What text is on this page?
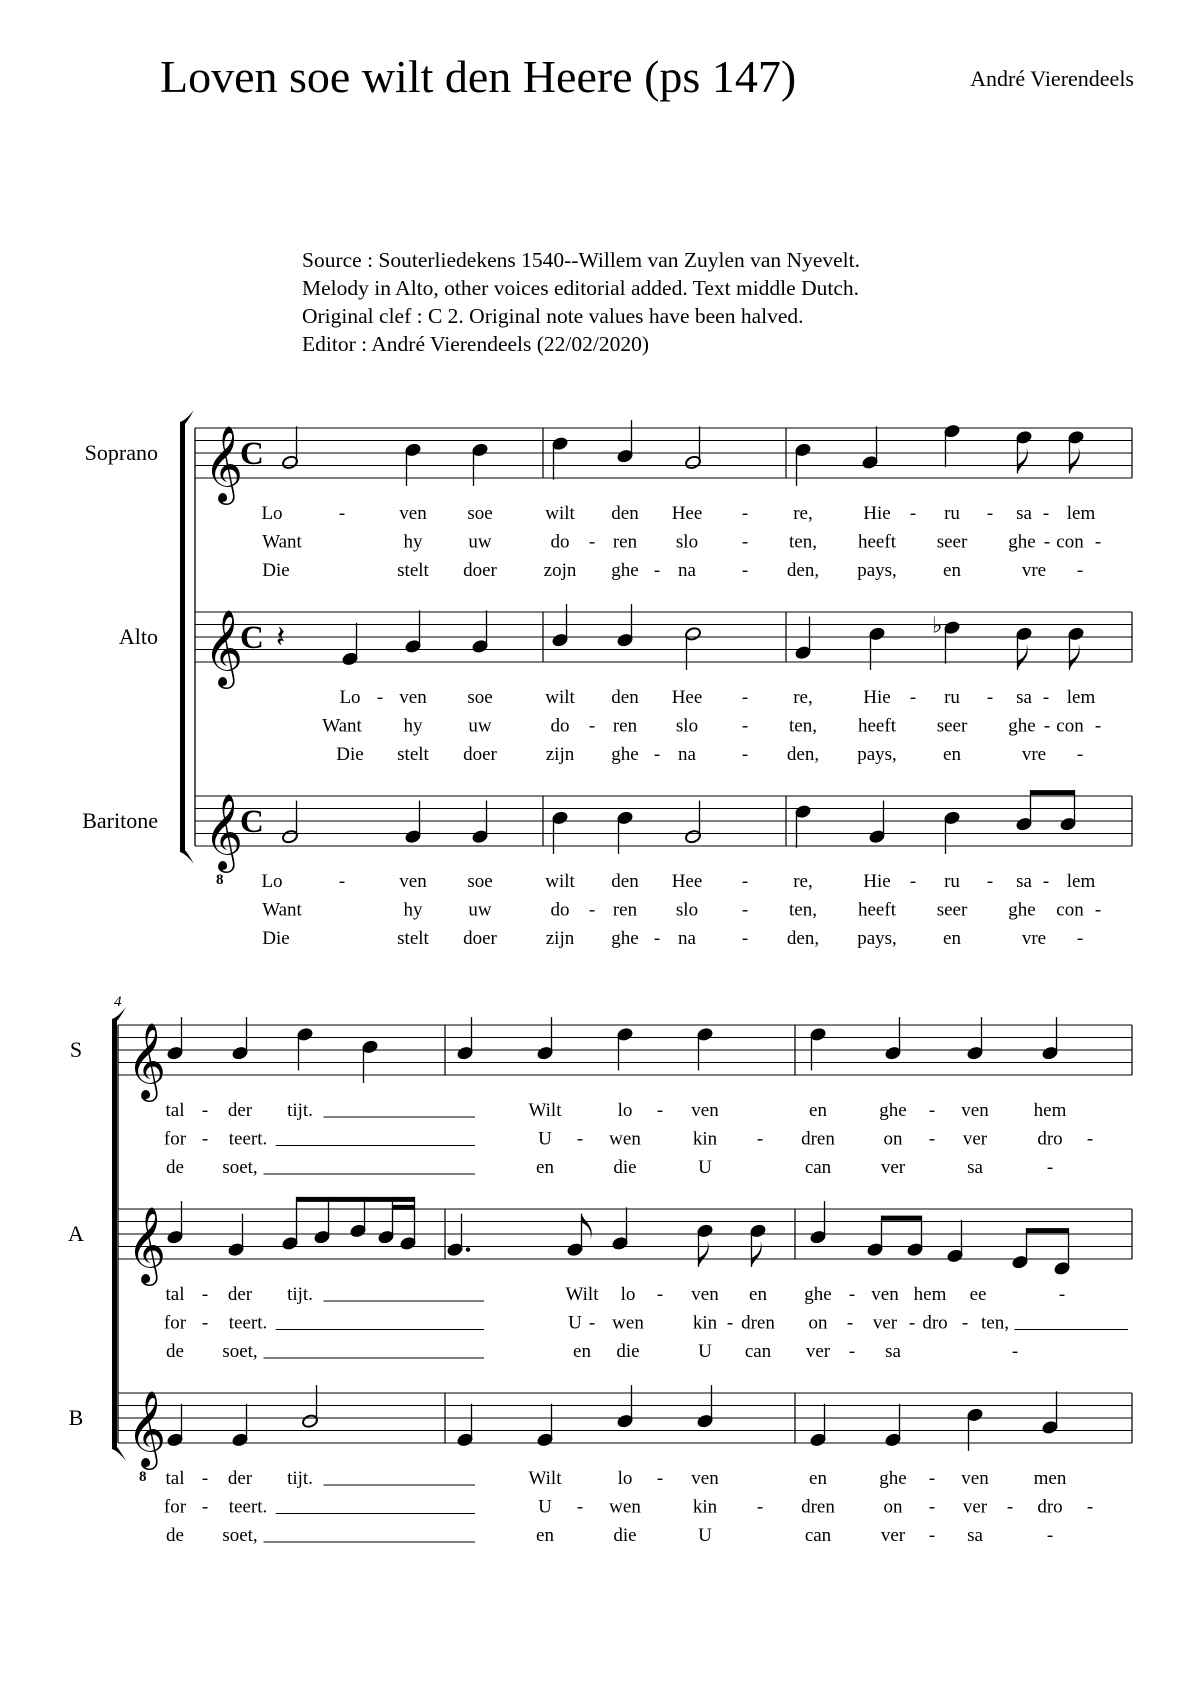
Loven soe wilt den Heere (ps 147)	André Vierendeels
Source : Souterliedekens 1540--Willem van Zuylen van Nyevelt.
Melody in Alto, other voices editorial added. Text middle Dutch.
Original clef : C 2. Original note values have been halved.
Editor : André Vierendeels (22/02/2020)
Soprano 𝄞
C
Lo	-	ven soe	wilt den Hee - re,	Hie - ru - sa - lem
Want	hy uw	do - ren slo - ten, heeft seer ghe - con -
Die	stelt doer zojn ghe - na - den, pays, en	vre -
Alto 𝄞
C 𝄽	♭
Lo - ven soe	wilt den Hee - re,	Hie - ru - sa - lem
Want hy uw	do - ren slo - ten, heeft seer ghe - con -
Die stelt doer	zijn ghe - na - den, pays, en	vre -
Baritone 𝄞
8
C
Lo	-	ven soe	wilt den Hee - re,	Hie - ru - sa - lem
Want	hy uw	do - ren slo - ten, heeft seer ghe con -
Die	stelt doer	zijn ghe - na - den, pays, en	vre -
4
S 𝄞
tal - der tijt.	Wilt	lo - ven	en	ghe - ven hem
for - teert.	U - wen	kin - dren	on - ver	dro -
de soet,	en	die	U	can	ver	sa	-
A 𝄞
tal - der tijt.	Wilt lo - ven en ghe - ven hem ee	-
for - teert.	U - wen	kin - dren on - ver - dro - ten,
de soet,	en die	U can ver - sa	-
B 𝄞
8 tal - der tijt.	Wilt	lo - ven	en	ghe - ven men
for - teert.	U - wen	kin - dren	on - ver - dro -
de soet,	en	die	U	can	ver - sa	-
